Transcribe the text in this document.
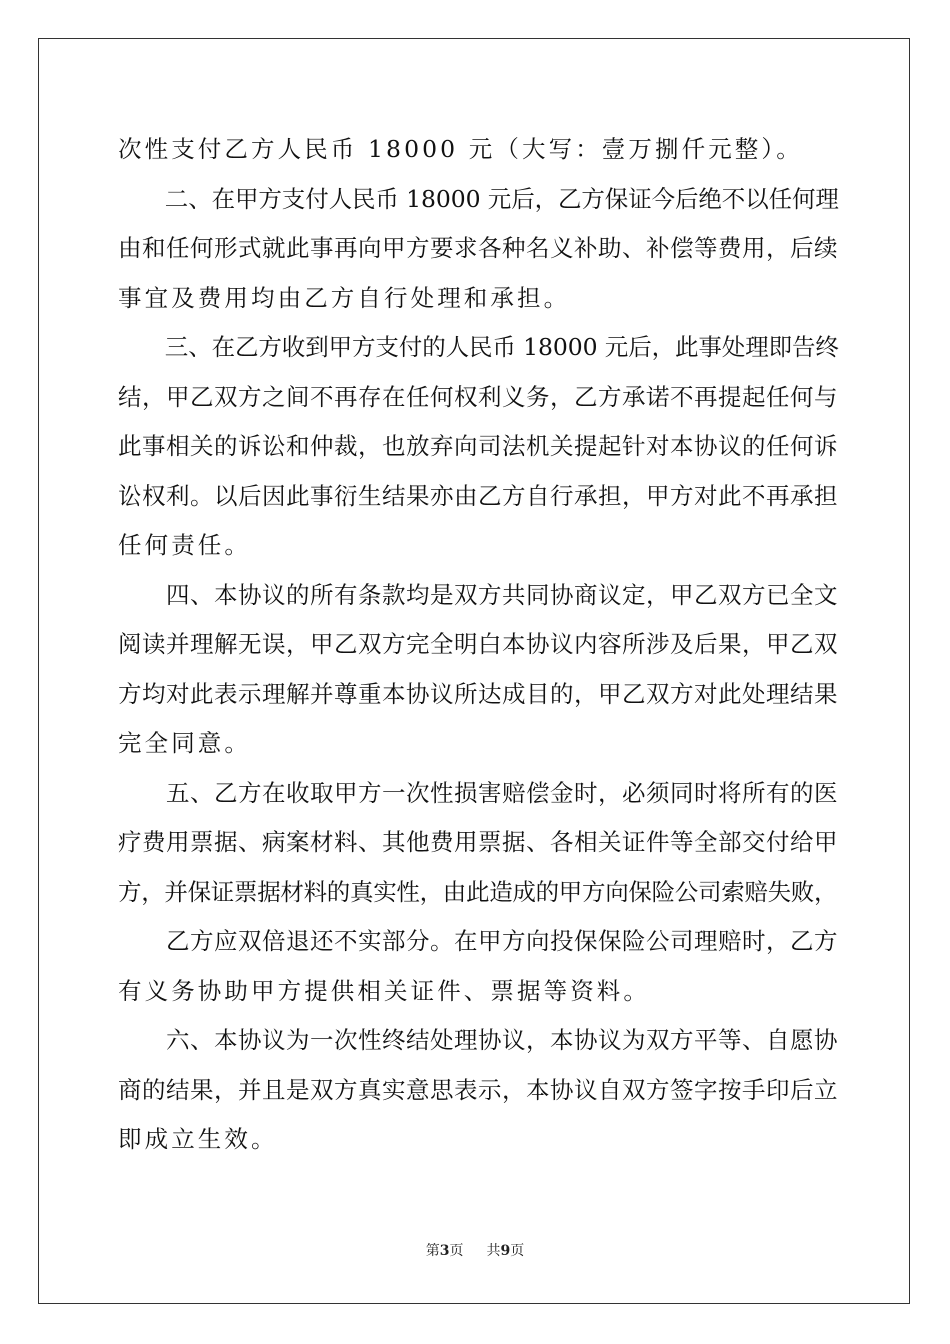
次性支付乙方人民币 18000 元（大写：壹万捌仟元整）。
　　二、在甲方支付人民币 18000 元后，乙方保证今后绝不以任何理
由和任何形式就此事再向甲方要求各种名义补助、补偿等费用，后续
事宜及费用均由乙方自行处理和承担。
　　三、在乙方收到甲方支付的人民币 18000 元后，此事处理即告终
结，甲乙双方之间不再存在任何权利义务，乙方承诺不再提起任何与
此事相关的诉讼和仲裁，也放弃向司法机关提起针对本协议的任何诉
讼权利。以后因此事衍生结果亦由乙方自行承担，甲方对此不再承担
任何责任。
　　四、本协议的所有条款均是双方共同协商议定，甲乙双方已全文
阅读并理解无误，甲乙双方完全明白本协议内容所涉及后果，甲乙双
方均对此表示理解并尊重本协议所达成目的，甲乙双方对此处理结果
完全同意。
　　五、乙方在收取甲方一次性损害赔偿金时，必须同时将所有的医
疗费用票据、病案材料、其他费用票据、各相关证件等全部交付给甲
方，并保证票据材料的真实性，由此造成的甲方向保险公司索赔失败，
　　乙方应双倍退还不实部分。在甲方向投保保险公司理赔时，乙方
有义务协助甲方提供相关证件、票据等资料。
　　六、本协议为一次性终结处理协议，本协议为双方平等、自愿协
商的结果，并且是双方真实意思表示，本协议自双方签字按手印后立
即成立生效。
第3页 共9页
